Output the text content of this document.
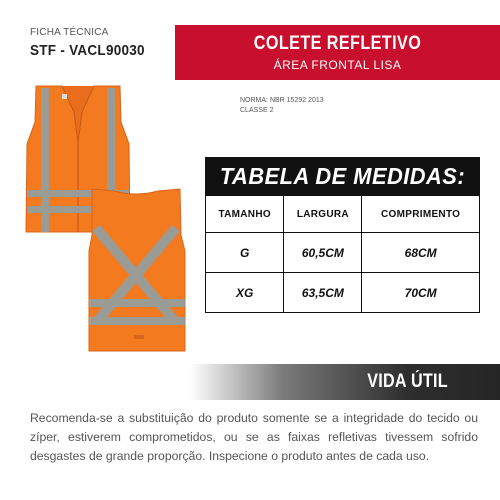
FICHA TÉCNICA
STF - VACL90030	COLETE REFLETIVO
ÁREA FRONTAL LISA
NORMA: NBR 15292 2013
CLASSE 2
TABELA DE MEDIDAS:
TAMANHO	LARGURA	COMPRIMENTO
G	60,5CM	68CM
XG	63,5CM	70CM
VIDA ÚTIL

Recomenda-se a substituição do produto somente se a integridade do tecido ou zíper, estiverem comprometidos, ou se as faixas refletivas tivessem sofrido desgastes de grande proporção. Inspecione o produto antes de cada uso.
